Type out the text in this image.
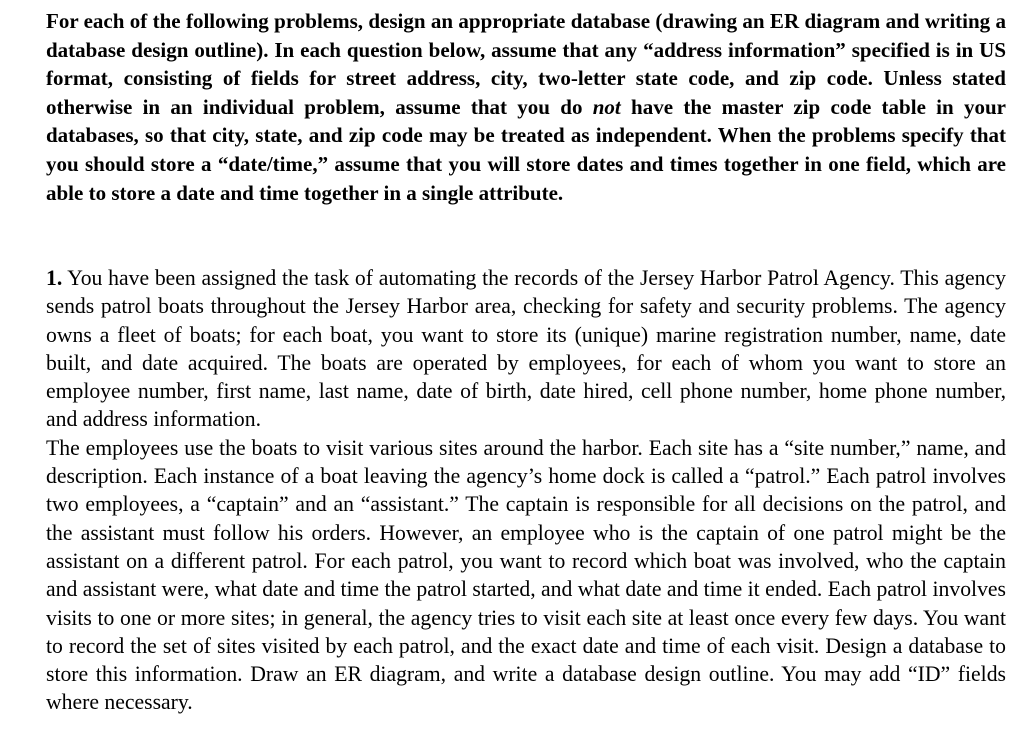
For each of the following problems, design an appropriate database (drawing an ER diagram and writing a database design outline). In each question below, assume that any “address information” specified is in US format, consisting of fields for street address, city, two-letter state code, and zip code. Unless stated otherwise in an individual problem, assume that you do not have the master zip code table in your databases, so that city, state, and zip code may be treated as independent. When the problems specify that you should store a “date/time,” assume that you will store dates and times together in one field, which are able to store a date and time together in a single attribute.

1. You have been assigned the task of automating the records of the Jersey Harbor Patrol Agency. This agency sends patrol boats throughout the Jersey Harbor area, checking for safety and security problems. The agency owns a fleet of boats; for each boat, you want to store its (unique) marine registration number, name, date built, and date acquired. The boats are operated by employees, for each of whom you want to store an employee number, first name, last name, date of birth, date hired, cell phone number, home phone number, and address information.

The employees use the boats to visit various sites around the harbor. Each site has a “site number,” name, and description. Each instance of a boat leaving the agency’s home dock is called a “patrol.” Each patrol involves two employees, a “captain” and an “assistant.” The captain is responsible for all decisions on the patrol, and the assistant must follow his orders. However, an employee who is the captain of one patrol might be the assistant on a different patrol. For each patrol, you want to record which boat was involved, who the captain and assistant were, what date and time the patrol started, and what date and time it ended. Each patrol involves visits to one or more sites; in general, the agency tries to visit each site at least once every few days. You want to record the set of sites visited by each patrol, and the exact date and time of each visit. Design a database to store this information. Draw an ER diagram, and write a database design outline. You may add “ID” fields where necessary.
